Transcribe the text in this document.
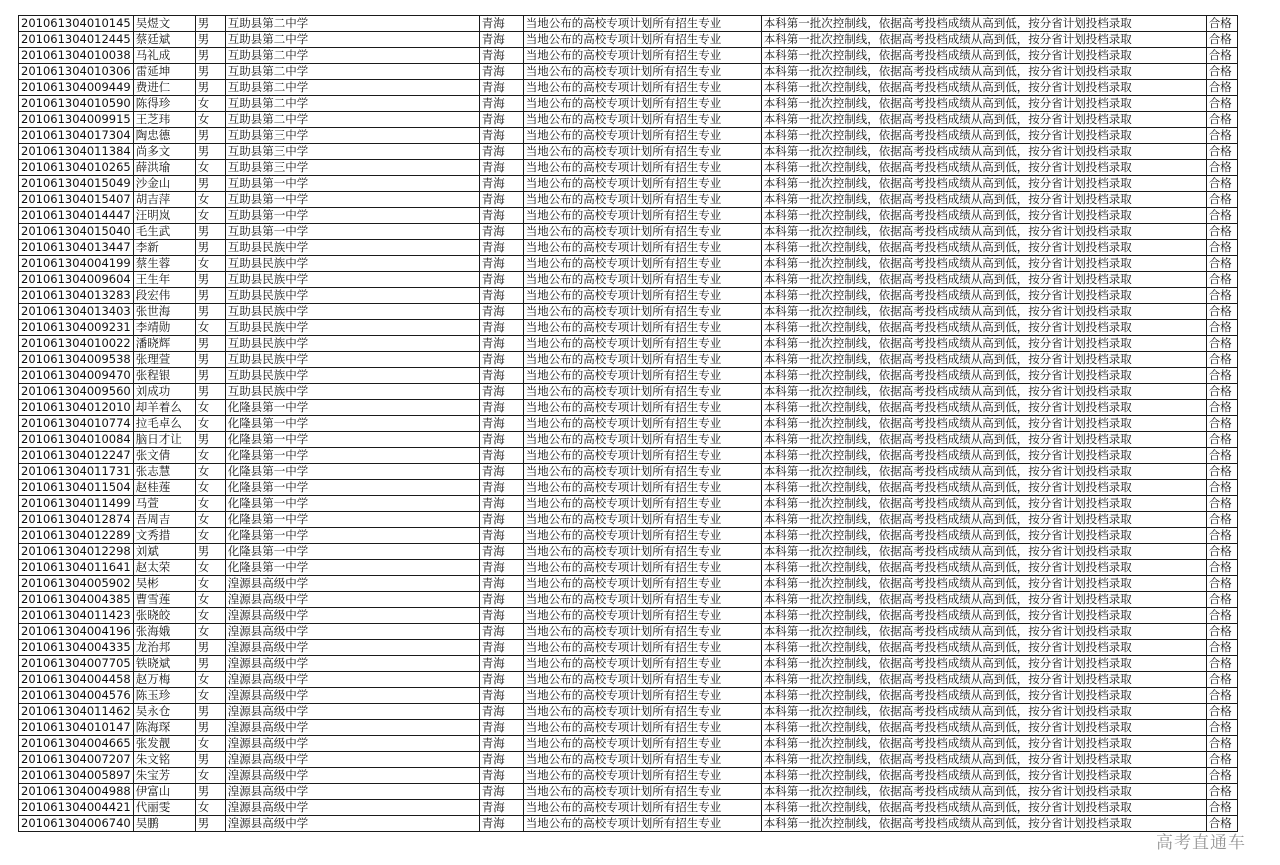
201061304010145	吴煜文	男	互助县第二中学	青海	当地公布的高校专项计划所有招生专业	本科第一批次控制线，依据高考投档成绩从高到低，按分省计划投档录取	合格
201061304012445	蔡廷斌	男	互助县第二中学	青海	当地公布的高校专项计划所有招生专业	本科第一批次控制线，依据高考投档成绩从高到低，按分省计划投档录取	合格
201061304010038	马礼成	男	互助县第二中学	青海	当地公布的高校专项计划所有招生专业	本科第一批次控制线，依据高考投档成绩从高到低，按分省计划投档录取	合格
201061304010306	雷延坤	男	互助县第二中学	青海	当地公布的高校专项计划所有招生专业	本科第一批次控制线，依据高考投档成绩从高到低，按分省计划投档录取	合格
201061304009449	费进仁	男	互助县第二中学	青海	当地公布的高校专项计划所有招生专业	本科第一批次控制线，依据高考投档成绩从高到低，按分省计划投档录取	合格
201061304010590	陈得珍	女	互助县第二中学	青海	当地公布的高校专项计划所有招生专业	本科第一批次控制线，依据高考投档成绩从高到低，按分省计划投档录取	合格
201061304009915	王芝玮	女	互助县第二中学	青海	当地公布的高校专项计划所有招生专业	本科第一批次控制线，依据高考投档成绩从高到低，按分省计划投档录取	合格
201061304017304	陶忠德	男	互助县第三中学	青海	当地公布的高校专项计划所有招生专业	本科第一批次控制线，依据高考投档成绩从高到低，按分省计划投档录取	合格
201061304011384	尚多文	男	互助县第三中学	青海	当地公布的高校专项计划所有招生专业	本科第一批次控制线，依据高考投档成绩从高到低，按分省计划投档录取	合格
201061304010265	薛洪瑜	女	互助县第三中学	青海	当地公布的高校专项计划所有招生专业	本科第一批次控制线，依据高考投档成绩从高到低，按分省计划投档录取	合格
201061304015049	沙金山	男	互助县第一中学	青海	当地公布的高校专项计划所有招生专业	本科第一批次控制线，依据高考投档成绩从高到低，按分省计划投档录取	合格
201061304015407	胡吉萍	女	互助县第一中学	青海	当地公布的高校专项计划所有招生专业	本科第一批次控制线，依据高考投档成绩从高到低，按分省计划投档录取	合格
201061304014447	汪明岚	女	互助县第一中学	青海	当地公布的高校专项计划所有招生专业	本科第一批次控制线，依据高考投档成绩从高到低，按分省计划投档录取	合格
201061304015040	毛生武	男	互助县第一中学	青海	当地公布的高校专项计划所有招生专业	本科第一批次控制线，依据高考投档成绩从高到低，按分省计划投档录取	合格
201061304013447	李新	男	互助县民族中学	青海	当地公布的高校专项计划所有招生专业	本科第一批次控制线，依据高考投档成绩从高到低，按分省计划投档录取	合格
201061304004199	蔡生蓉	女	互助县民族中学	青海	当地公布的高校专项计划所有招生专业	本科第一批次控制线，依据高考投档成绩从高到低，按分省计划投档录取	合格
201061304009604	王生年	男	互助县民族中学	青海	当地公布的高校专项计划所有招生专业	本科第一批次控制线，依据高考投档成绩从高到低，按分省计划投档录取	合格
201061304013283	段宏伟	男	互助县民族中学	青海	当地公布的高校专项计划所有招生专业	本科第一批次控制线，依据高考投档成绩从高到低，按分省计划投档录取	合格
201061304013403	张世海	男	互助县民族中学	青海	当地公布的高校专项计划所有招生专业	本科第一批次控制线，依据高考投档成绩从高到低，按分省计划投档录取	合格
201061304009231	李靖勋	女	互助县民族中学	青海	当地公布的高校专项计划所有招生专业	本科第一批次控制线，依据高考投档成绩从高到低，按分省计划投档录取	合格
201061304010022	潘晓辉	男	互助县民族中学	青海	当地公布的高校专项计划所有招生专业	本科第一批次控制线，依据高考投档成绩从高到低，按分省计划投档录取	合格
201061304009538	张理萱	男	互助县民族中学	青海	当地公布的高校专项计划所有招生专业	本科第一批次控制线，依据高考投档成绩从高到低，按分省计划投档录取	合格
201061304009470	张程银	男	互助县民族中学	青海	当地公布的高校专项计划所有招生专业	本科第一批次控制线，依据高考投档成绩从高到低，按分省计划投档录取	合格
201061304009560	刘成功	男	互助县民族中学	青海	当地公布的高校专项计划所有招生专业	本科第一批次控制线，依据高考投档成绩从高到低，按分省计划投档录取	合格
201061304012010	却羊着么	女	化隆县第一中学	青海	当地公布的高校专项计划所有招生专业	本科第一批次控制线，依据高考投档成绩从高到低，按分省计划投档录取	合格
201061304010774	拉毛卓么	女	化隆县第一中学	青海	当地公布的高校专项计划所有招生专业	本科第一批次控制线，依据高考投档成绩从高到低，按分省计划投档录取	合格
201061304010084	脑日才让	男	化隆县第一中学	青海	当地公布的高校专项计划所有招生专业	本科第一批次控制线，依据高考投档成绩从高到低，按分省计划投档录取	合格
201061304012247	张文倩	女	化隆县第一中学	青海	当地公布的高校专项计划所有招生专业	本科第一批次控制线，依据高考投档成绩从高到低，按分省计划投档录取	合格
201061304011731	张志慧	女	化隆县第一中学	青海	当地公布的高校专项计划所有招生专业	本科第一批次控制线，依据高考投档成绩从高到低，按分省计划投档录取	合格
201061304011504	赵桂莲	女	化隆县第一中学	青海	当地公布的高校专项计划所有招生专业	本科第一批次控制线，依据高考投档成绩从高到低，按分省计划投档录取	合格
201061304011499	马萱	女	化隆县第一中学	青海	当地公布的高校专项计划所有招生专业	本科第一批次控制线，依据高考投档成绩从高到低，按分省计划投档录取	合格
201061304012874	吾周吉	女	化隆县第一中学	青海	当地公布的高校专项计划所有招生专业	本科第一批次控制线，依据高考投档成绩从高到低，按分省计划投档录取	合格
201061304012289	文秀措	女	化隆县第一中学	青海	当地公布的高校专项计划所有招生专业	本科第一批次控制线，依据高考投档成绩从高到低，按分省计划投档录取	合格
201061304012298	刘斌	男	化隆县第一中学	青海	当地公布的高校专项计划所有招生专业	本科第一批次控制线，依据高考投档成绩从高到低，按分省计划投档录取	合格
201061304011641	赵太荣	女	化隆县第一中学	青海	当地公布的高校专项计划所有招生专业	本科第一批次控制线，依据高考投档成绩从高到低，按分省计划投档录取	合格
201061304005902	吴彬	女	湟源县高级中学	青海	当地公布的高校专项计划所有招生专业	本科第一批次控制线，依据高考投档成绩从高到低，按分省计划投档录取	合格
201061304004385	曹雪莲	女	湟源县高级中学	青海	当地公布的高校专项计划所有招生专业	本科第一批次控制线，依据高考投档成绩从高到低，按分省计划投档录取	合格
201061304011423	张晓皎	女	湟源县高级中学	青海	当地公布的高校专项计划所有招生专业	本科第一批次控制线，依据高考投档成绩从高到低，按分省计划投档录取	合格
201061304004196	张海娥	女	湟源县高级中学	青海	当地公布的高校专项计划所有招生专业	本科第一批次控制线，依据高考投档成绩从高到低，按分省计划投档录取	合格
201061304004335	龙治邦	男	湟源县高级中学	青海	当地公布的高校专项计划所有招生专业	本科第一批次控制线，依据高考投档成绩从高到低，按分省计划投档录取	合格
201061304007705	铁晓斌	男	湟源县高级中学	青海	当地公布的高校专项计划所有招生专业	本科第一批次控制线，依据高考投档成绩从高到低，按分省计划投档录取	合格
201061304004458	赵万梅	女	湟源县高级中学	青海	当地公布的高校专项计划所有招生专业	本科第一批次控制线，依据高考投档成绩从高到低，按分省计划投档录取	合格
201061304004576	陈玉珍	女	湟源县高级中学	青海	当地公布的高校专项计划所有招生专业	本科第一批次控制线，依据高考投档成绩从高到低，按分省计划投档录取	合格
201061304011462	吴永仓	男	湟源县高级中学	青海	当地公布的高校专项计划所有招生专业	本科第一批次控制线，依据高考投档成绩从高到低，按分省计划投档录取	合格
201061304010147	陈海琛	男	湟源县高级中学	青海	当地公布的高校专项计划所有招生专业	本科第一批次控制线，依据高考投档成绩从高到低，按分省计划投档录取	合格
201061304004665	张发靓	女	湟源县高级中学	青海	当地公布的高校专项计划所有招生专业	本科第一批次控制线，依据高考投档成绩从高到低，按分省计划投档录取	合格
201061304007207	朱文铭	男	湟源县高级中学	青海	当地公布的高校专项计划所有招生专业	本科第一批次控制线，依据高考投档成绩从高到低，按分省计划投档录取	合格
201061304005897	朱宝芳	女	湟源县高级中学	青海	当地公布的高校专项计划所有招生专业	本科第一批次控制线，依据高考投档成绩从高到低，按分省计划投档录取	合格
201061304004988	伊富山	男	湟源县高级中学	青海	当地公布的高校专项计划所有招生专业	本科第一批次控制线，依据高考投档成绩从高到低，按分省计划投档录取	合格
201061304004421	代丽雯	女	湟源县高级中学	青海	当地公布的高校专项计划所有招生专业	本科第一批次控制线，依据高考投档成绩从高到低，按分省计划投档录取	合格
201061304006740	吴鹏	男	湟源县高级中学	青海	当地公布的高校专项计划所有招生专业	本科第一批次控制线，依据高考投档成绩从高到低，按分省计划投档录取	合格
高考直通车
